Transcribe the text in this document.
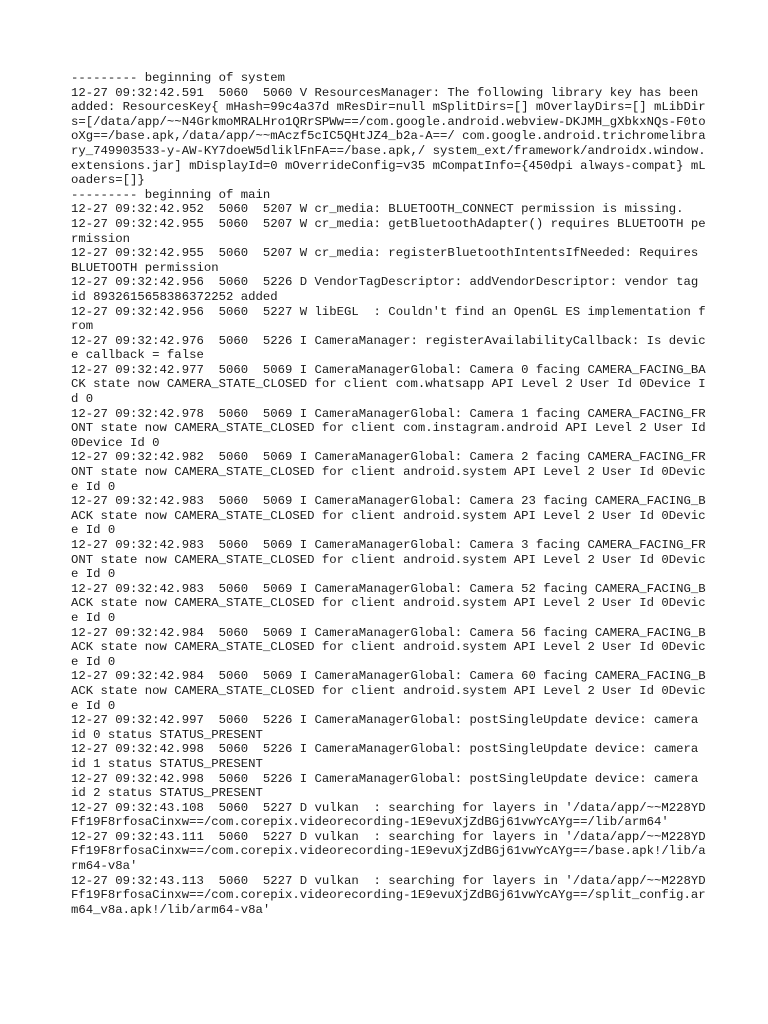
--------- beginning of system

12-27 09:32:42.591  5060  5060 V ResourcesManager: The following library key has been added: ResourcesKey{ mHash=99c4a37d mResDir=null mSplitDirs=[] mOverlayDirs=[] mLibDirs=[/data/app/~~N4GrkmoMRALHro1QRrSPWw==/com.google.android.webview-DKJMH_gXbkxNQs-F0tooXg==/base.apk,/data/app/~~mAczf5cIC5QHtJZ4_b2a-A==/ com.google.android.trichromelibrary_749903533-y-AW-KY7doeW5dliklFnFA==/base.apk,/ system_ext/framework/androidx.window.extensions.jar] mDisplayId=0 mOverrideConfig=v35 mCompatInfo={450dpi always-compat} mLoaders=[]}

--------- beginning of main

12-27 09:32:42.952  5060  5207 W cr_media: BLUETOOTH_CONNECT permission is missing.

12-27 09:32:42.955  5060  5207 W cr_media: getBluetoothAdapter() requires BLUETOOTH permission

12-27 09:32:42.955  5060  5207 W cr_media: registerBluetoothIntentsIfNeeded: Requires BLUETOOTH permission

12-27 09:32:42.956  5060  5226 D VendorTagDescriptor: addVendorDescriptor: vendor tag id 8932615658386372252 added

12-27 09:32:42.956  5060  5227 W libEGL  : Couldn't find an OpenGL ES implementation from

12-27 09:32:42.976  5060  5226 I CameraManager: registerAvailabilityCallback: Is device callback = false

12-27 09:32:42.977  5060  5069 I CameraManagerGlobal: Camera 0 facing CAMERA_FACING_BACK state now CAMERA_STATE_CLOSED for client com.whatsapp API Level 2 User Id 0Device Id 0

12-27 09:32:42.978  5060  5069 I CameraManagerGlobal: Camera 1 facing CAMERA_FACING_FRONT state now CAMERA_STATE_CLOSED for client com.instagram.android API Level 2 User Id 0Device Id 0

12-27 09:32:42.982  5060  5069 I CameraManagerGlobal: Camera 2 facing CAMERA_FACING_FRONT state now CAMERA_STATE_CLOSED for client android.system API Level 2 User Id 0Device Id 0

12-27 09:32:42.983  5060  5069 I CameraManagerGlobal: Camera 23 facing CAMERA_FACING_BACK state now CAMERA_STATE_CLOSED for client android.system API Level 2 User Id 0Device Id 0

12-27 09:32:42.983  5060  5069 I CameraManagerGlobal: Camera 3 facing CAMERA_FACING_FRONT state now CAMERA_STATE_CLOSED for client android.system API Level 2 User Id 0Device Id 0

12-27 09:32:42.983  5060  5069 I CameraManagerGlobal: Camera 52 facing CAMERA_FACING_BACK state now CAMERA_STATE_CLOSED for client android.system API Level 2 User Id 0Device Id 0

12-27 09:32:42.984  5060  5069 I CameraManagerGlobal: Camera 56 facing CAMERA_FACING_BACK state now CAMERA_STATE_CLOSED for client android.system API Level 2 User Id 0Device Id 0

12-27 09:32:42.984  5060  5069 I CameraManagerGlobal: Camera 60 facing CAMERA_FACING_BACK state now CAMERA_STATE_CLOSED for client android.system API Level 2 User Id 0Device Id 0

12-27 09:32:42.997  5060  5226 I CameraManagerGlobal: postSingleUpdate device: camera id 0 status STATUS_PRESENT

12-27 09:32:42.998  5060  5226 I CameraManagerGlobal: postSingleUpdate device: camera id 1 status STATUS_PRESENT

12-27 09:32:42.998  5060  5226 I CameraManagerGlobal: postSingleUpdate device: camera id 2 status STATUS_PRESENT

12-27 09:32:43.108  5060  5227 D vulkan  : searching for layers in '/data/app/~~M228YDFf19F8rfosaCinxw==/com.corepix.videorecording-1E9evuXjZdBGj61vwYcAYg==/lib/arm64'

12-27 09:32:43.111  5060  5227 D vulkan  : searching for layers in '/data/app/~~M228YDFf19F8rfosaCinxw==/com.corepix.videorecording-1E9evuXjZdBGj61vwYcAYg==/base.apk!/lib/arm64-v8a'

12-27 09:32:43.113  5060  5227 D vulkan  : searching for layers in '/data/app/~~M228YDFf19F8rfosaCinxw==/com.corepix.videorecording-1E9evuXjZdBGj61vwYcAYg==/split_config.arm64_v8a.apk!/lib/arm64-v8a'
